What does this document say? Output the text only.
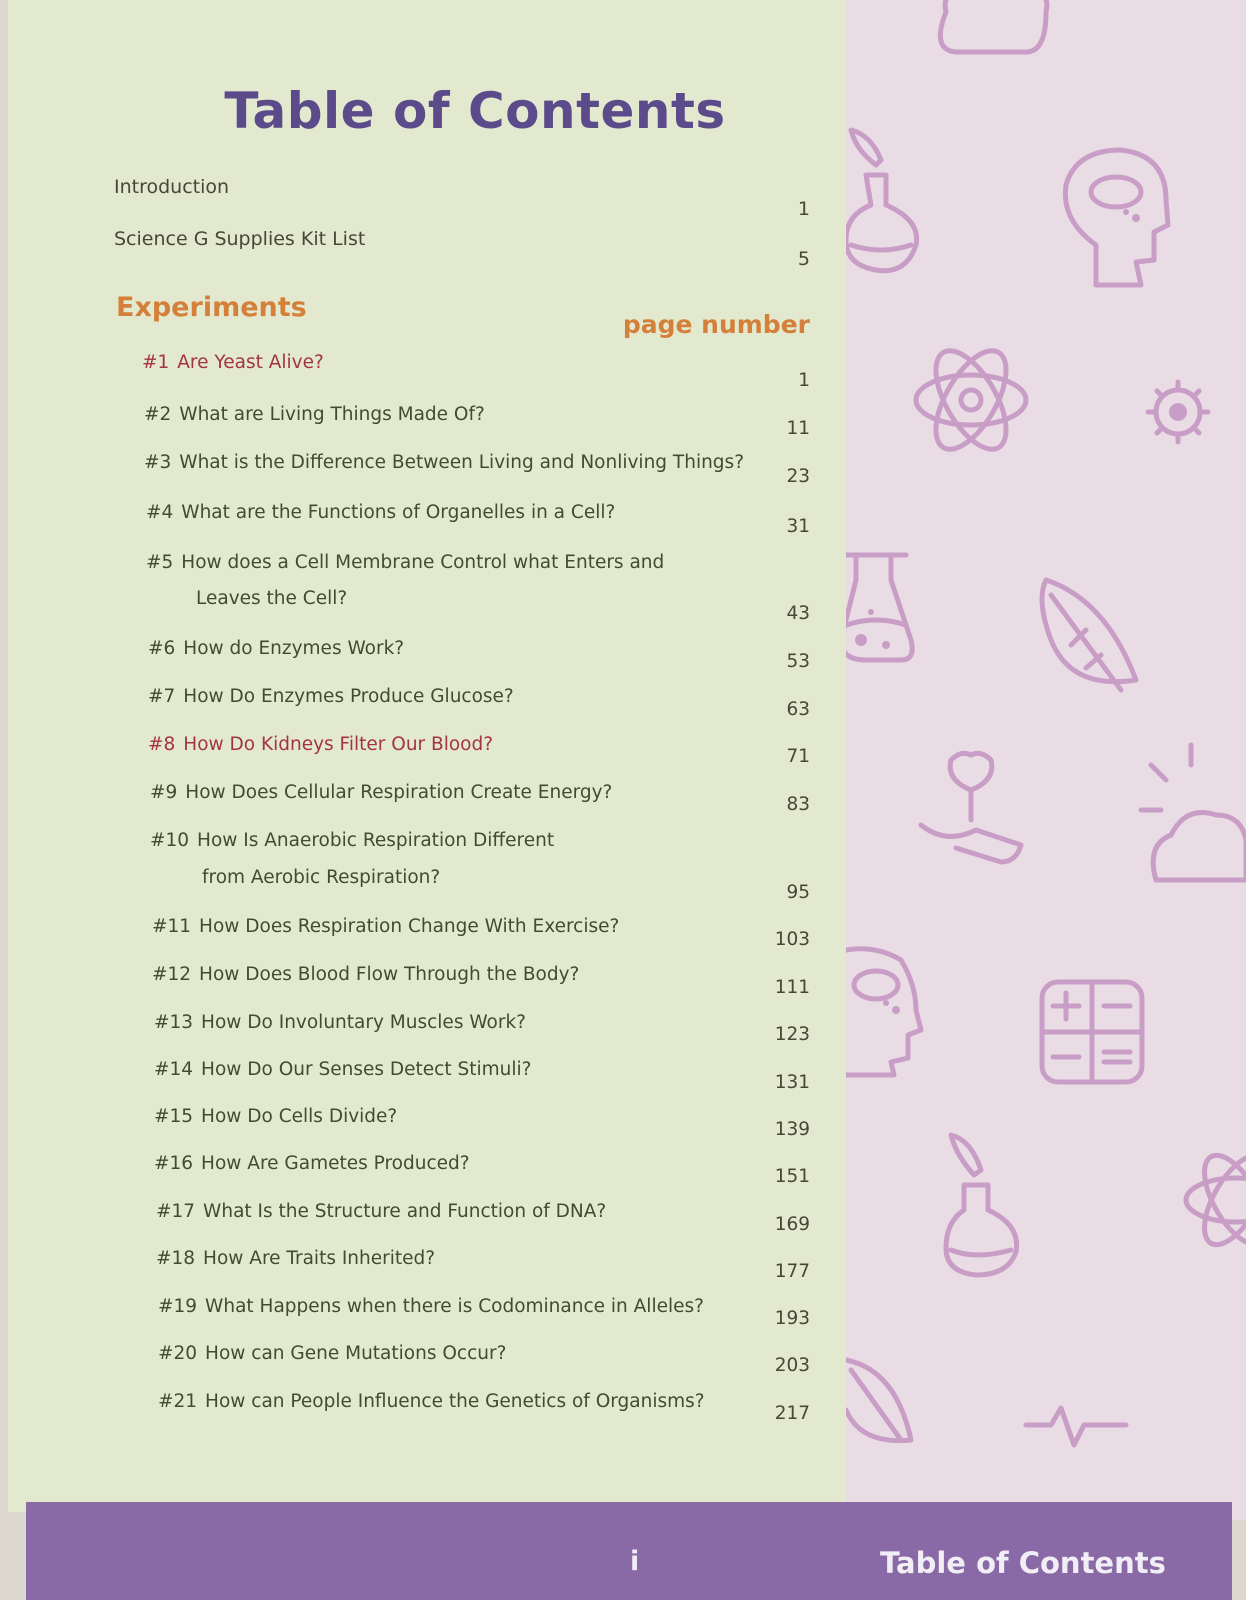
Table of Contents
Introduction
1
Science G Supplies Kit List
5
Experiments
page number
#1 Are Yeast Alive?
1
#2 What are Living Things Made Of?
11
#3 What is the Difference Between Living and Nonliving Things?
23
#4 What are the Functions of Organelles in a Cell?
31
#5 How does a Cell Membrane Control what Enters and
Leaves the Cell?
43
#6 How do Enzymes Work?
53
#7 How Do Enzymes Produce Glucose?
63
#8 How Do Kidneys Filter Our Blood?
71
#9 How Does Cellular Respiration Create Energy?
83
#10 How Is Anaerobic Respiration Different
from Aerobic Respiration?
95
#11 How Does Respiration Change With Exercise?
103
#12 How Does Blood Flow Through the Body?
111
#13 How Do Involuntary Muscles Work?
123
#14 How Do Our Senses Detect Stimuli?
131
#15 How Do Cells Divide?
139
#16 How Are Gametes Produced?
151
#17 What Is the Structure and Function of DNA?
169
#18 How Are Traits Inherited?
177
#19 What Happens when there is Codominance in Alleles?
193
#20 How can Gene Mutations Occur?
203
#21 How can People Influence the Genetics of Organisms?
217
i	Table of Contents
